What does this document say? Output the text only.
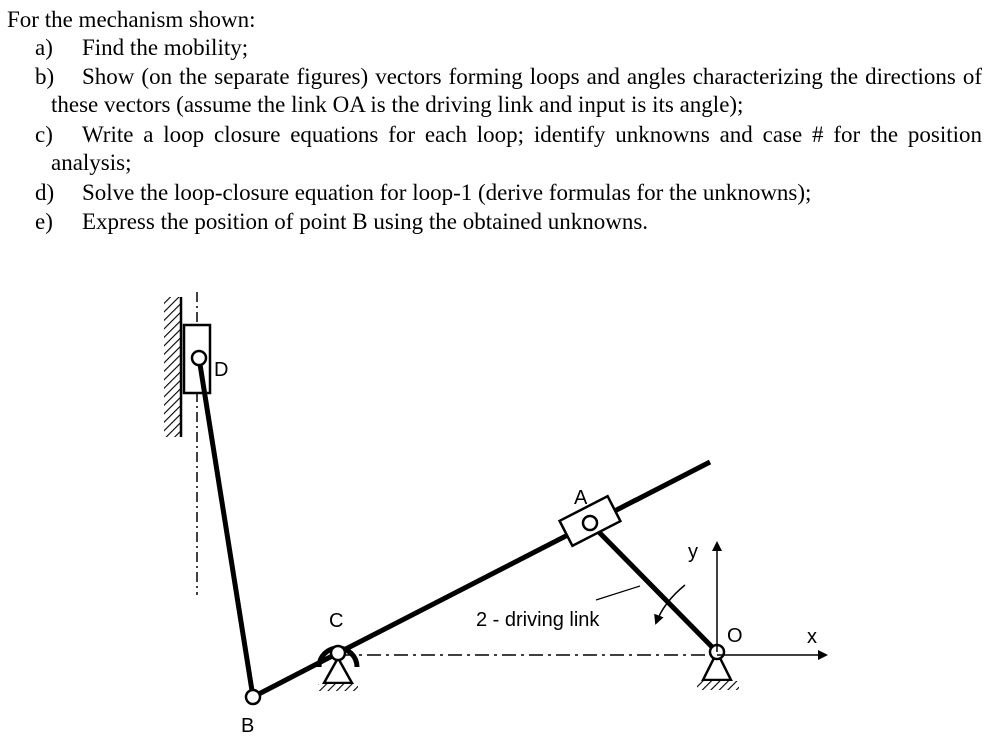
For the mechanism shown:
a)	Find the mobility;
b)	Show (on the separate figures) vectors forming loops and angles characterizing the directions of these vectors (assume the link OA is the driving link and input is its angle);
c)	Write a loop closure equations for each loop; identify unknowns and case # for the position analysis;
d)	Solve the loop-closure equation for loop-1 (derive formulas for the unknowns);
e)	Express the position of point B using the obtained unknowns.
D
A
C
B
O	x
y
2 - driving link
